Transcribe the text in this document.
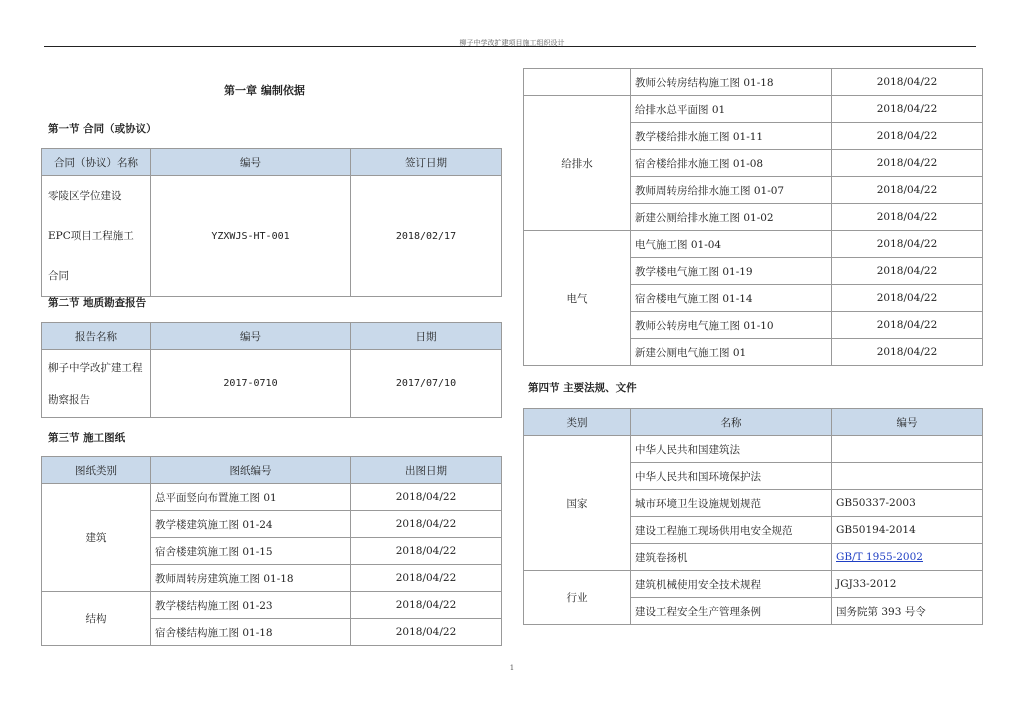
柳子中学改扩建项目施工组织设计
第一章 编制依据
第一节 合同（或协议）
合同（协议）名称	编号	签订日期
零陵区学位建设EPC项目工程施工合同	YZXWJS-HT-001	2018/02/17
第二节 地质勘查报告
报告名称	编号	日期
柳子中学改扩建工程勘察报告	2017-0710	2017/07/10
第三节 施工图纸
图纸类别	图纸编号	出图日期
建筑	总平面竖向布置施工图 01	2018/04/22
	教学楼建筑施工图 01-24	2018/04/22
	宿舍楼建筑施工图 01-15	2018/04/22
	教师周转房建筑施工图 01-18	2018/04/22
结构	教学楼结构施工图 01-23	2018/04/22
	宿舍楼结构施工图 01-18	2018/04/22
	教师公转房结构施工图 01-18	2018/04/22
给排水	给排水总平面图 01	2018/04/22
	教学楼给排水施工图 01-11	2018/04/22
	宿舍楼给排水施工图 01-08	2018/04/22
	教师周转房给排水施工图 01-07	2018/04/22
	新建公厕给排水施工图 01-02	2018/04/22
电气	电气施工图 01-04	2018/04/22
	教学楼电气施工图 01-19	2018/04/22
	宿舍楼电气施工图 01-14	2018/04/22
	教师公转房电气施工图 01-10	2018/04/22
	新建公厕电气施工图 01	2018/04/22
第四节 主要法规、文件
类别	名称	编号
国家	中华人民共和国建筑法	
	中华人民共和国环境保护法	
	城市环境卫生设施规划规范	GB50337-2003
	建设工程施工现场供用电安全规范	GB50194-2014
	建筑卷扬机	GB/T 1955-2002
行业	建筑机械使用安全技术规程	JGJ33-2012
	建设工程安全生产管理条例	国务院第 393 号令
1
